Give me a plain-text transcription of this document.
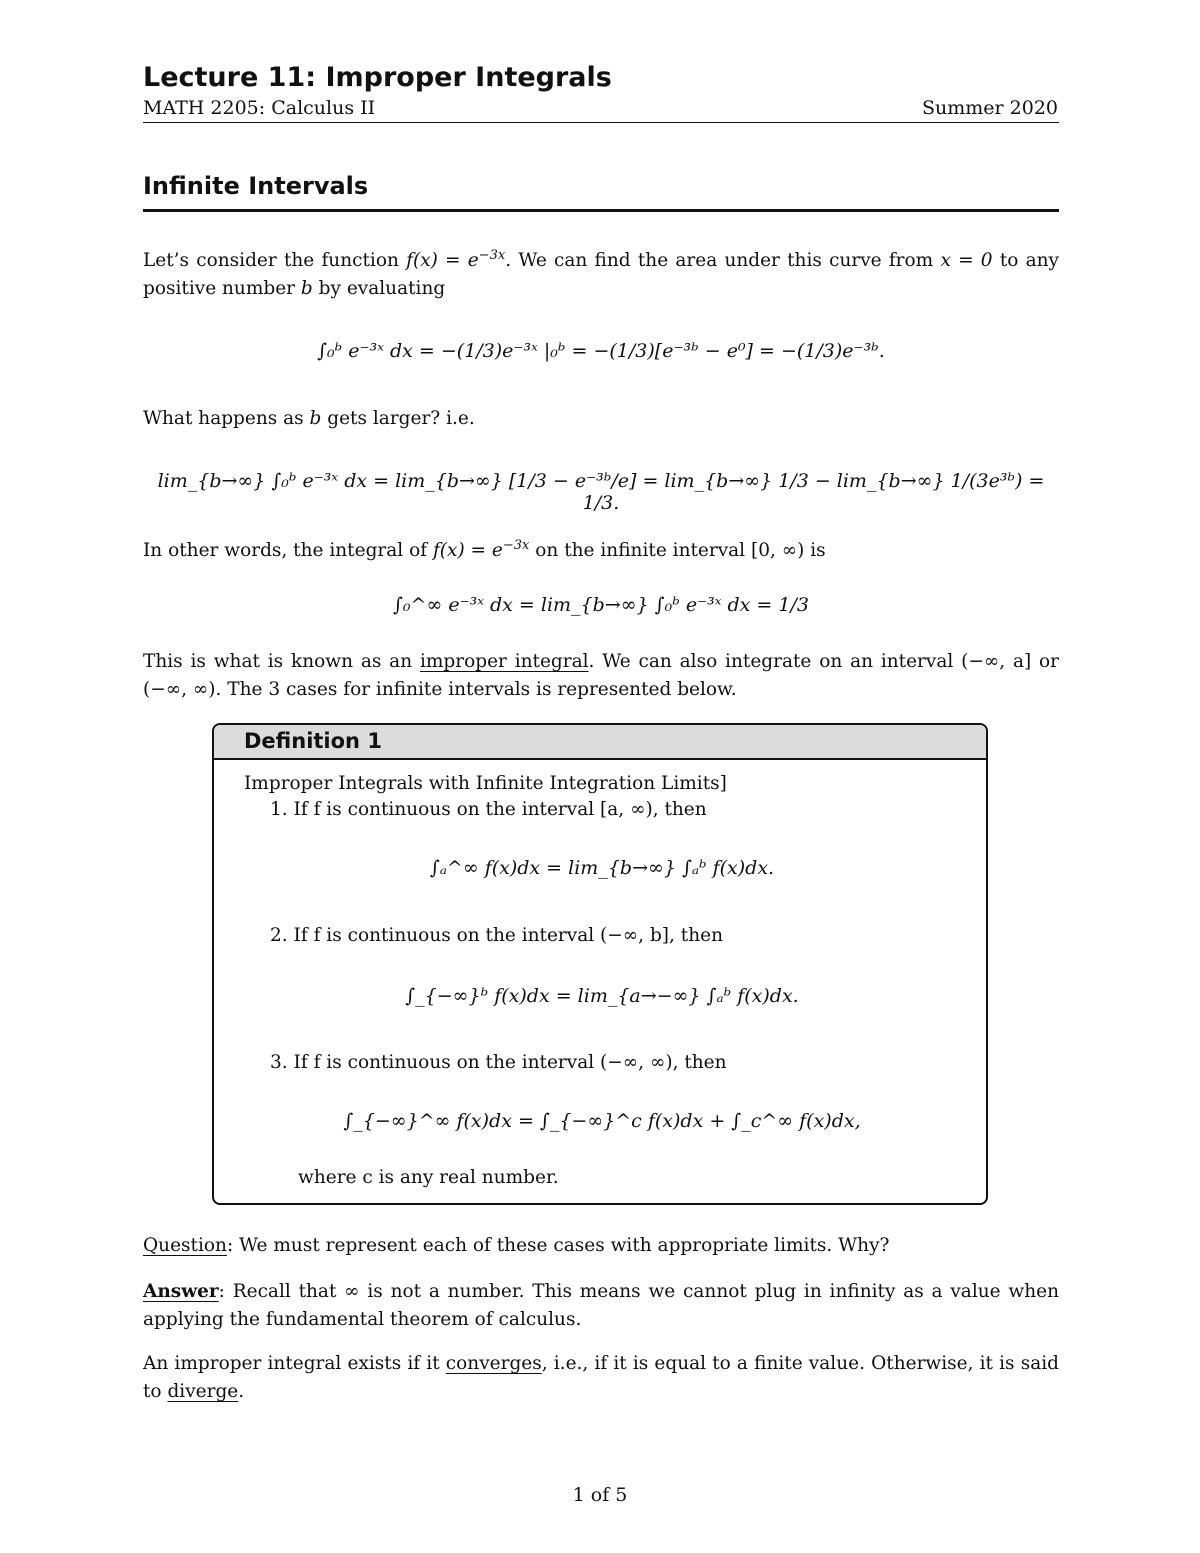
Lecture 11: Improper Integrals
MATH 2205: Calculus II	Summer 2020
Infinite Intervals
Let’s consider the function $f(x) = e^{-3x}$. We can find the area under this curve from x = 0 to any positive number b by evaluating
∫₀ᵇ e⁻³ˣ dx = −(1/3)e⁻³ˣ |₀ᵇ = −(1/3)[e⁻³ᵇ − e⁰] = −(1/3)e⁻³ᵇ.
What happens as b gets larger? i.e.
lim_{b→∞} ∫₀ᵇ e⁻³ˣ dx = lim_{b→∞} [1/3 − e⁻³ᵇ/e] = lim_{b→∞} 1/3 − lim_{b→∞} 1/(3e³ᵇ) = 1/3.
In other words, the integral of $f(x) = e^{-3x}$ on the infinite interval [0, ∞) is
∫₀^∞ e⁻³ˣ dx = lim_{b→∞} ∫₀ᵇ e⁻³ˣ dx = 1/3
This is what is known as an improper integral. We can also integrate on an interval (−∞, a] or (−∞, ∞). The 3 cases for infinite intervals is represented below.
Definition 1
Improper Integrals with Infinite Integration Limits]
1. If f is continuous on the interval [a, ∞), then
∫ₐ^∞ f(x)dx = lim_{b→∞} ∫ₐᵇ f(x)dx.
2. If f is continuous on the interval (−∞, b], then
∫_{−∞}ᵇ f(x)dx = lim_{a→−∞} ∫ₐᵇ f(x)dx.
3. If f is continuous on the interval (−∞, ∞), then
∫_{−∞}^∞ f(x)dx = ∫_{−∞}^c f(x)dx + ∫_c^∞ f(x)dx,
where c is any real number.
Question: We must represent each of these cases with appropriate limits. Why?
Answer: Recall that ∞ is not a number. This means we cannot plug in infinity as a value when applying the fundamental theorem of calculus.
An improper integral exists if it converges, i.e., if it is equal to a finite value. Otherwise, it is said to diverge.
1 of 5
